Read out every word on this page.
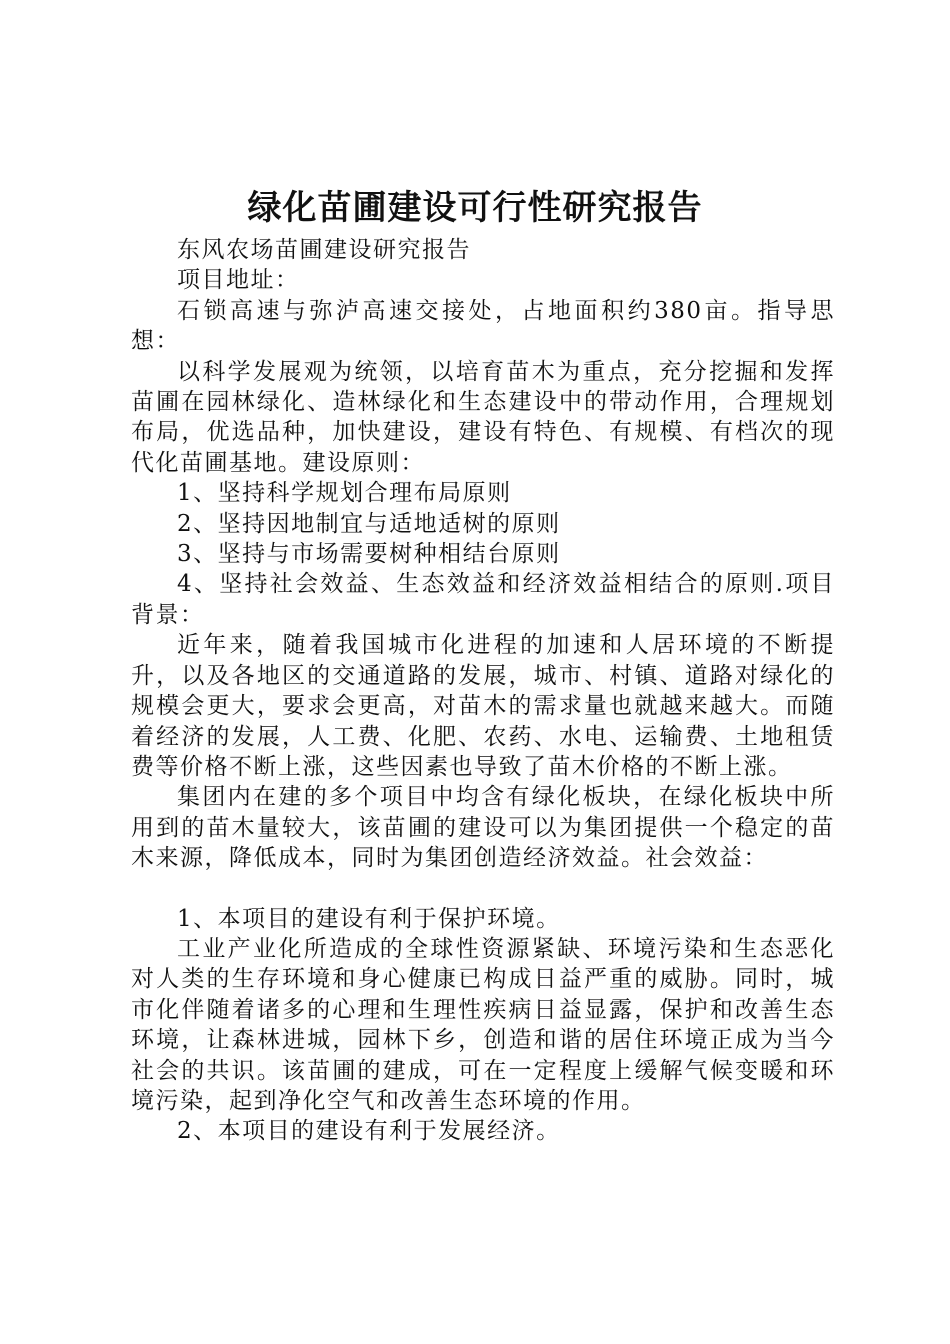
绿化苗圃建设可行性研究报告

东风农场苗圃建设研究报告

项目地址：

石锁高速与弥泸高速交接处，占地面积约380亩。指导思想：

以科学发展观为统领，以培育苗木为重点，充分挖掘和发挥苗圃在园林绿化、造林绿化和生态建设中的带动作用，合理规划布局，优选品种，加快建设，建设有特色、有规模、有档次的现代化苗圃基地。建设原则：

1、坚持科学规划合理布局原则

2、坚持因地制宜与适地适树的原则

3、坚持与市场需要树种相结台原则

4、坚持社会效益、生态效益和经济效益相结合的原则.项目背景：

近年来，随着我国城市化进程的加速和人居环境的不断提升，以及各地区的交通道路的发展，城市、村镇、道路对绿化的规模会更大，要求会更高，对苗木的需求量也就越来越大。而随着经济的发展，人工费、化肥、农药、水电、运输费、土地租赁费等价格不断上涨，这些因素也导致了苗木价格的不断上涨。

集团内在建的多个项目中均含有绿化板块，在绿化板块中所用到的苗木量较大，该苗圃的建设可以为集团提供一个稳定的苗木来源，降低成本，同时为集团创造经济效益。社会效益：

1、本项目的建设有利于保护环境。

工业产业化所造成的全球性资源紧缺、环境污染和生态恶化对人类的生存环境和身心健康已构成日益严重的威胁。同时，城市化伴随着诸多的心理和生理性疾病日益显露，保护和改善生态环境，让森林进城，园林下乡，创造和谐的居住环境正成为当今社会的共识。该苗圃的建成，可在一定程度上缓解气候变暖和环境污染，起到净化空气和改善生态环境的作用。

2、本项目的建设有利于发展经济。
